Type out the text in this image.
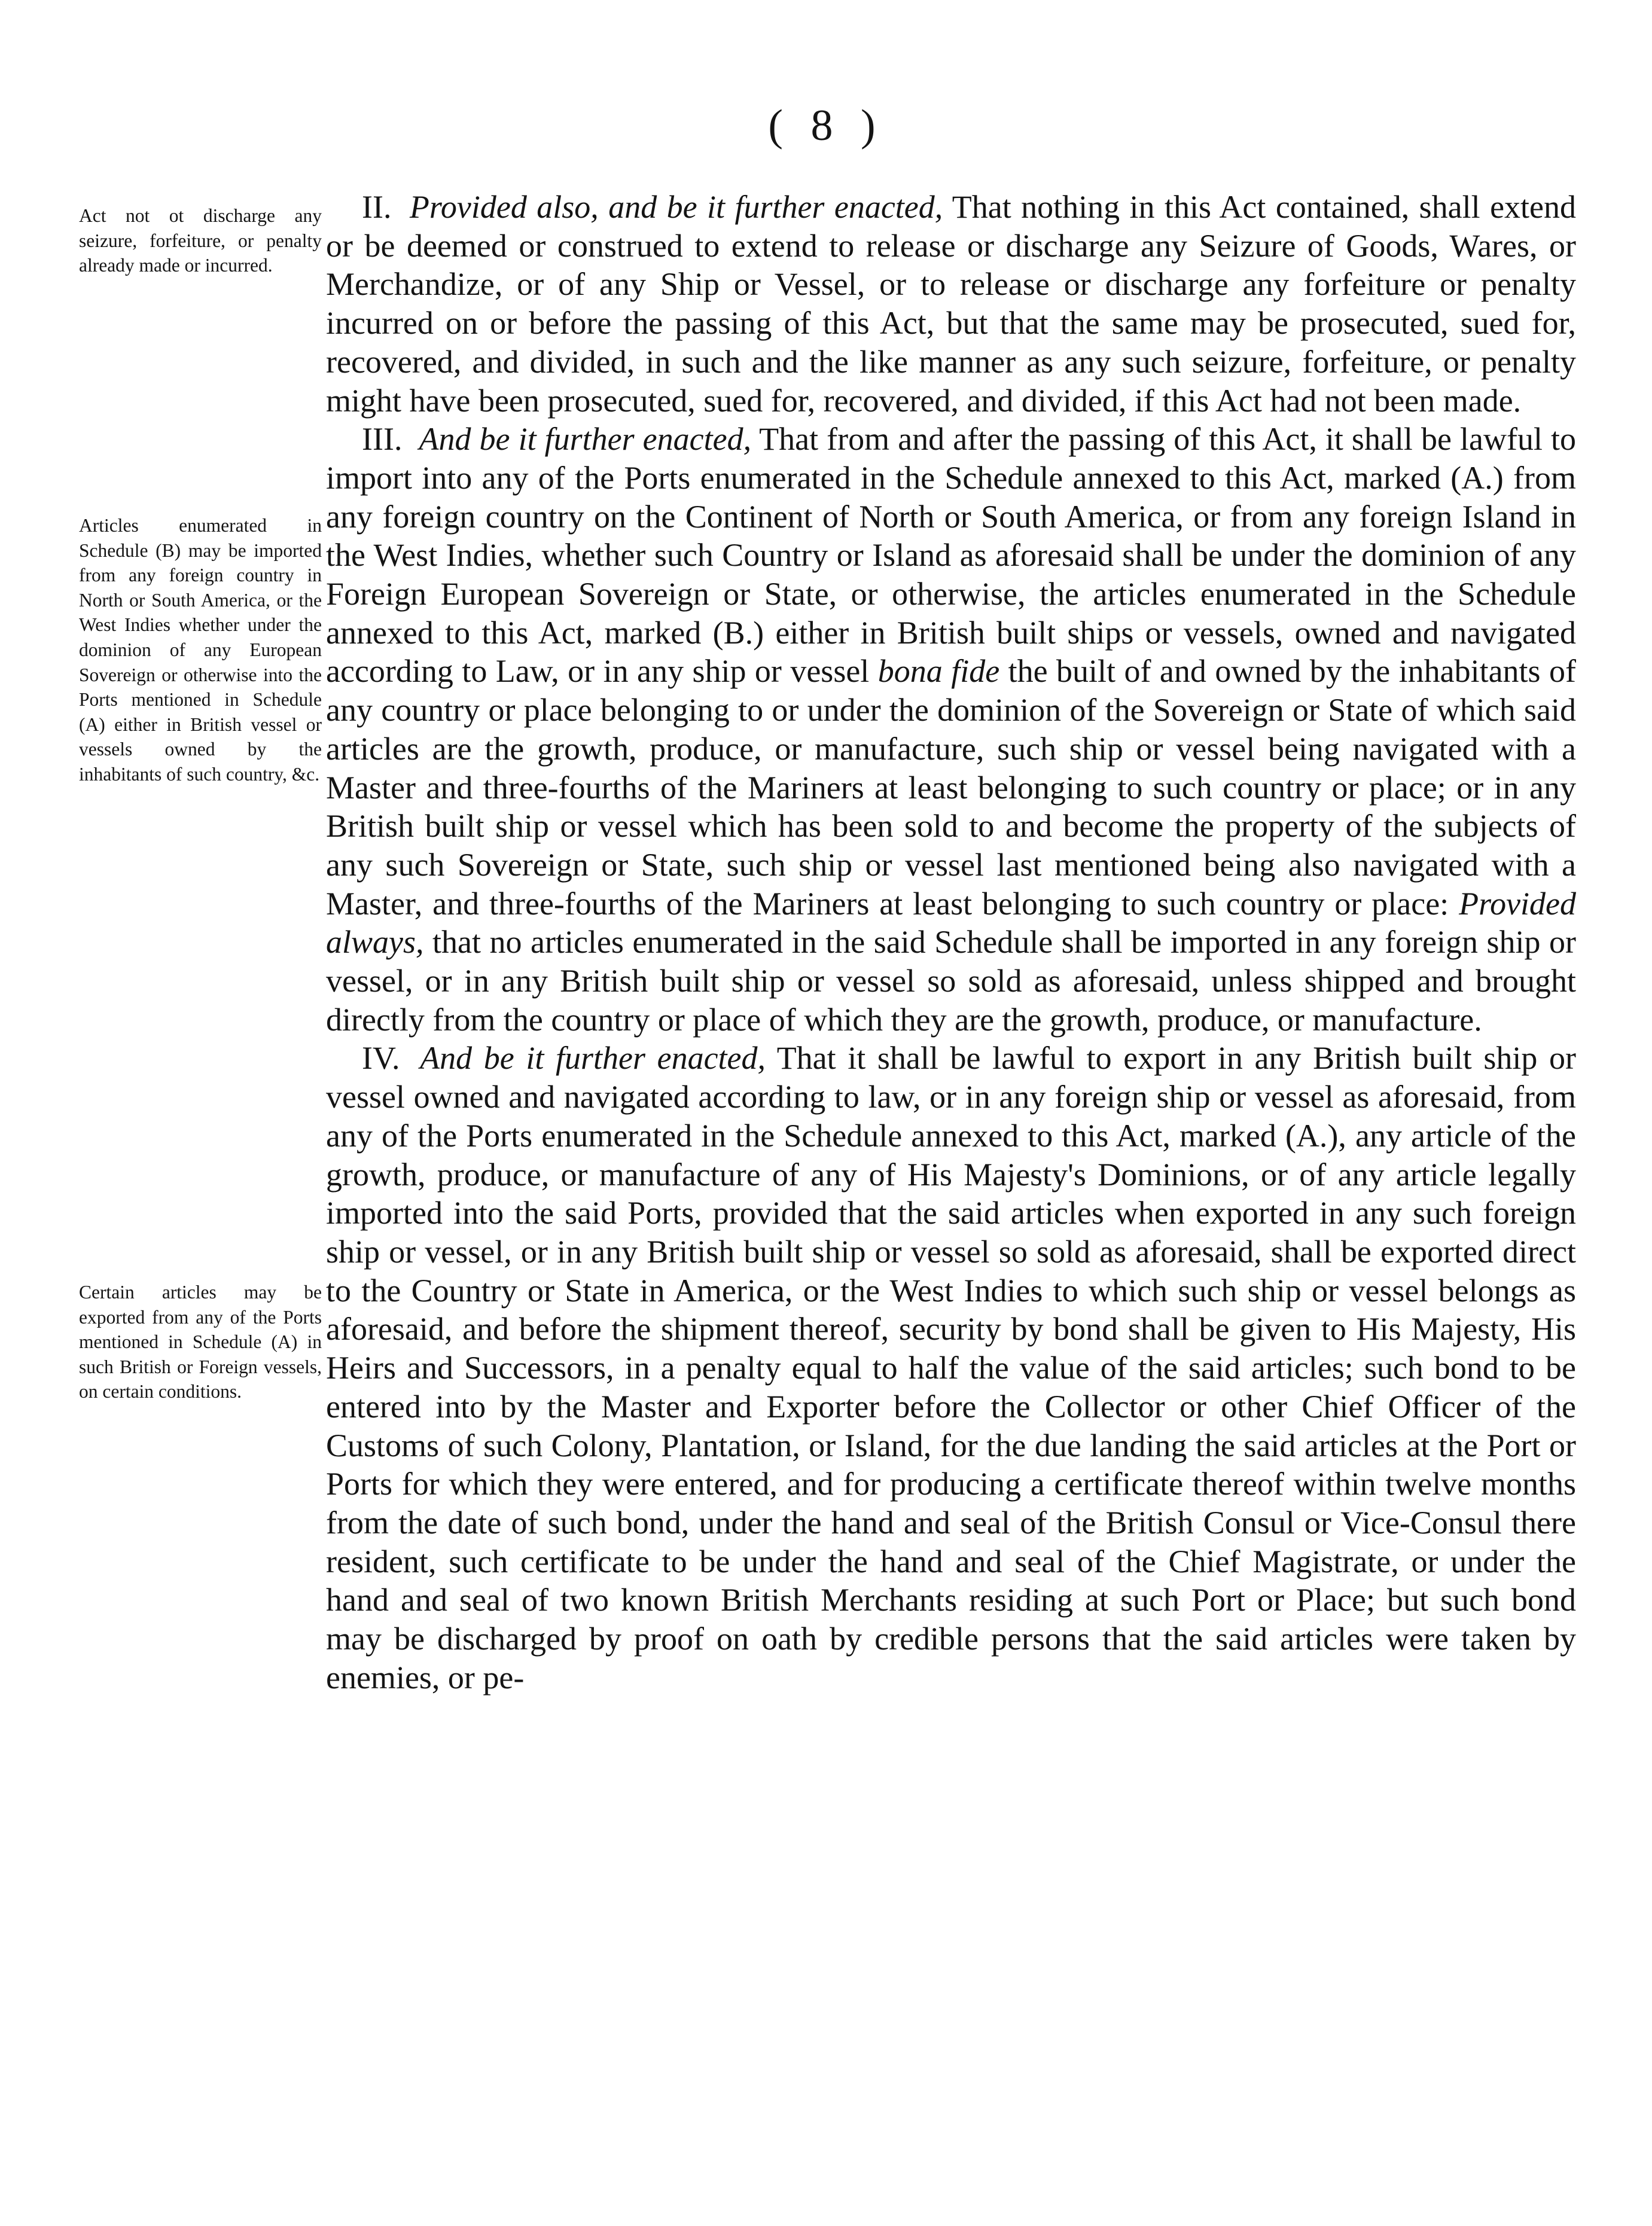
( 8 )
Act not ot discharge any seizure, forfeiture, or penalty already made or incurred.
Articles enumerated in Schedule (B) may be imported from any foreign country in North or South America, or the West Indies whether under the dominion of any European Sovereign or otherwise into the Ports mentioned in Schedule (A) either in British vessel or vessels owned by the inhabitants of such country, &c.
Certain articles may be exported from any of the Ports mentioned in Schedule (A) in such British or Foreign vessels, on certain conditions.

II. Provided also, and be it further enacted, That nothing in this Act contained, shall extend or be deemed or construed to extend to release or discharge any Seizure of Goods, Wares, or Merchandize, or of any Ship or Vessel, or to release or discharge any forfeiture or penalty incurred on or before the passing of this Act, but that the same may be prosecuted, sued for, recovered, and divided, in such and the like manner as any such seizure, forfeiture, or penalty might have been prosecuted, sued for, recovered, and divided, if this Act had not been made.

III. And be it further enacted, That from and after the passing of this Act, it shall be lawful to import into any of the Ports enumerated in the Schedule annexed to this Act, marked (A.) from any foreign country on the Continent of North or South America, or from any foreign Island in the West Indies, whether such Country or Island as aforesaid shall be under the dominion of any Foreign European Sovereign or State, or otherwise, the articles enumerated in the Schedule annexed to this Act, marked (B.) either in British built ships or vessels, owned and navigated according to Law, or in any ship or vessel bona fide the built of and owned by the inhabitants of any country or place belonging to or under the dominion of the Sovereign or State of which said articles are the growth, produce, or manufacture, such ship or vessel being navigated with a Master and three-fourths of the Mariners at least belonging to such country or place; or in any British built ship or vessel which has been sold to and become the property of the subjects of any such Sovereign or State, such ship or vessel last mentioned being also navigated with a Master, and three-fourths of the Mariners at least belonging to such country or place: Provided always, that no articles enumerated in the said Schedule shall be imported in any foreign ship or vessel, or in any British built ship or vessel so sold as aforesaid, unless shipped and brought directly from the country or place of which they are the growth, produce, or manufacture.

IV. And be it further enacted, That it shall be lawful to export in any British built ship or vessel owned and navigated according to law, or in any foreign ship or vessel as aforesaid, from any of the Ports enumerated in the Schedule annexed to this Act, marked (A.), any article of the growth, produce, or manufacture of any of His Majesty's Dominions, or of any article legally imported into the said Ports, provided that the said articles when exported in any such foreign ship or vessel, or in any British built ship or vessel so sold as aforesaid, shall be exported direct to the Country or State in America, or the West Indies to which such ship or vessel belongs as aforesaid, and before the shipment thereof, security by bond shall be given to His Majesty, His Heirs and Successors, in a penalty equal to half the value of the said articles; such bond to be entered into by the Master and Exporter before the Collector or other Chief Officer of the Customs of such Colony, Plantation, or Island, for the due landing the said articles at the Port or Ports for which they were entered, and for producing a certificate thereof within twelve months from the date of such bond, under the hand and seal of the British Consul or Vice-Consul there resident, such certificate to be under the hand and seal of the Chief Magistrate, or under the hand and seal of two known British Merchants residing at such Port or Place; but such bond may be discharged by proof on oath by credible persons that the said articles were taken by enemies, or pe-
